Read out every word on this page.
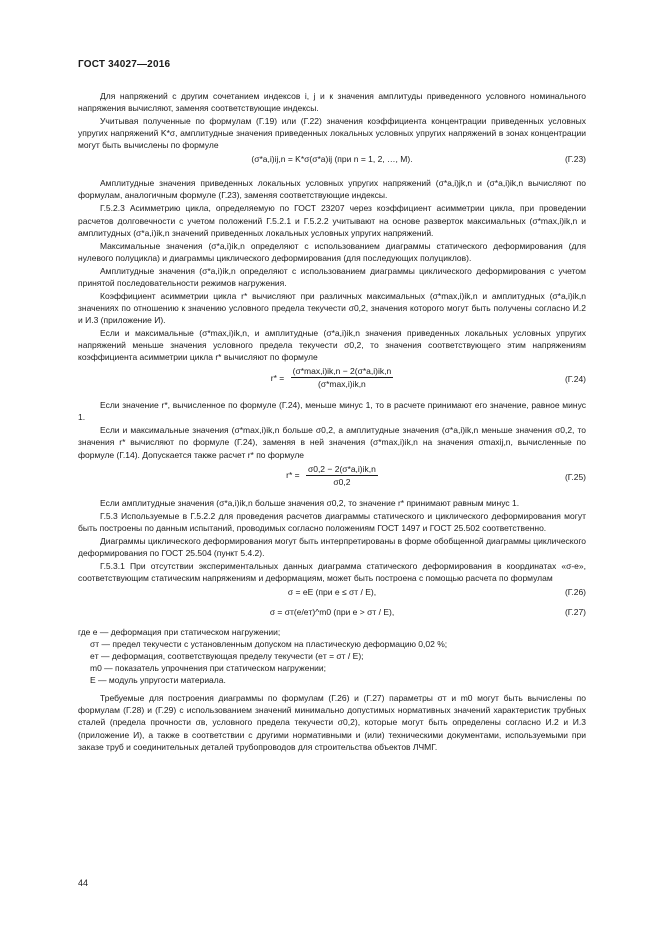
ГОСТ 34027—2016

Для напряжений с другим сочетанием индексов i, j и к значения амплитуды приведенного условного номинального напряжения вычисляют, заменяя соответствующие индексы.

Учитывая полученные по формулам (Г.19) или (Г.22) значения коэффициента концентрации приведенных условных упругих напряжений K*σ, амплитудные значения приведенных локальных условных упругих напряжений в зонах концентрации могут быть вычислены по формуле

(σ*a,i)ij,n = K*σ(σ*a)ij (при n = 1, 2, …, M).	(Г.23)

Амплитудные значения приведенных локальных условных упругих напряжений (σ*a,i)jk,n и (σ*a,i)ik,n вычисляют по формулам, аналогичным формуле (Г.23), заменяя соответствующие индексы.

Г.5.2.3 Асимметрию цикла, определяемую по ГОСТ 23207 через коэффициент асимметрии цикла, при проведении расчетов долговечности с учетом положений Г.5.2.1 и Г.5.2.2 учитывают на основе разверток максимальных (σ*max,i)ik,n и амплитудных (σ*a,i)ik,n значений приведенных локальных условных упругих напряжений.

Максимальные значения (σ*a,i)ik,n определяют с использованием диаграммы статического деформирования (для нулевого полуцикла) и диаграммы циклического деформирования (для последующих полуциклов).

Амплитудные значения (σ*a,i)ik,n определяют с использованием диаграммы циклического деформирования с учетом принятой последовательности режимов нагружения.

Коэффициент асимметрии цикла r* вычисляют при различных максимальных (σ*max,i)ik,n и амплитудных (σ*a,i)ik,n значениях по отношению к значению условного предела текучести σ0,2, значения которого могут быть получены согласно И.2 и И.3 (приложение И).

Если и максимальные (σ*max,i)ik,n, и амплитудные (σ*a,i)ik,n значения приведенных локальных условных упругих напряжений меньше значения условного предела текучести σ0,2, то значения соответствующего этим напряжениям коэффициента асимметрии цикла r* вычисляют по формуле

$r* = \frac{(\sigma*\max,i)ik,n - 2(\sigma*a,i)ik,n}{(\sigma*\max,i)ik,n}$	(Г.24)

Если значение r*, вычисленное по формуле (Г.24), меньше минус 1, то в расчете принимают его значение, равное минус 1.

Если и максимальные значения (σ*max,i)ik,n больше σ0,2, а амплитудные значения (σ*a,i)ik,n меньше значения σ0,2, то значения r* вычисляют по формуле (Г.24), заменяя в ней значения (σ*max,i)ik,n на значения σmaxij,n, вычисленные по формуле (Г.14). Допускается также расчет r* по формуле

$r* = \frac{\sigma 0,2 - 2(\sigma*a,i)ik,n}{\sigma 0,2}$	(Г.25)

Если амплитудные значения (σ*a,i)ik,n больше значения σ0,2, то значение r* принимают равным минус 1.

Г.5.3 Используемые в Г.5.2.2 для проведения расчетов диаграммы статического и циклического деформирования могут быть построены по данным испытаний, проводимых согласно положениям ГОСТ 1497 и ГОСТ 25.502 соответственно.

Диаграммы циклического деформирования могут быть интерпретированы в форме обобщенной диаграммы циклического деформирования по ГОСТ 25.504 (пункт 5.4.2).

Г.5.3.1 При отсутствии экспериментальных данных диаграмма статического деформирования в координатах «σ-e», соответствующим статическим напряжениям и деформациям, может быть построена с помощью расчета по формулам

σ = eE (при e ≤ σт / E),	(Г.26)
σ = σт(e/eт)^m0 (при e > σт / E),	(Г.27)

где e — деформация при статическом нагружении;

σт — предел текучести с установленным допуском на пластическую деформацию 0,02 %;

eт — деформация, соответствующая пределу текучести (eт = σт / E);

m0 — показатель упрочнения при статическом нагружении;

E — модуль упругости материала.

Требуемые для построения диаграммы по формулам (Г.26) и (Г.27) параметры σт и m0 могут быть вычислены по формулам (Г.28) и (Г.29) с использованием значений минимально допустимых нормативных значений характеристик трубных сталей (предела прочности σв, условного предела текучести σ0,2), которые могут быть определены согласно И.2 и И.3 (приложение И), а также в соответствии с другими нормативными и (или) техническими документами, используемыми при заказе труб и соединительных деталей трубопроводов для строительства объектов ЛЧМГ.

44
